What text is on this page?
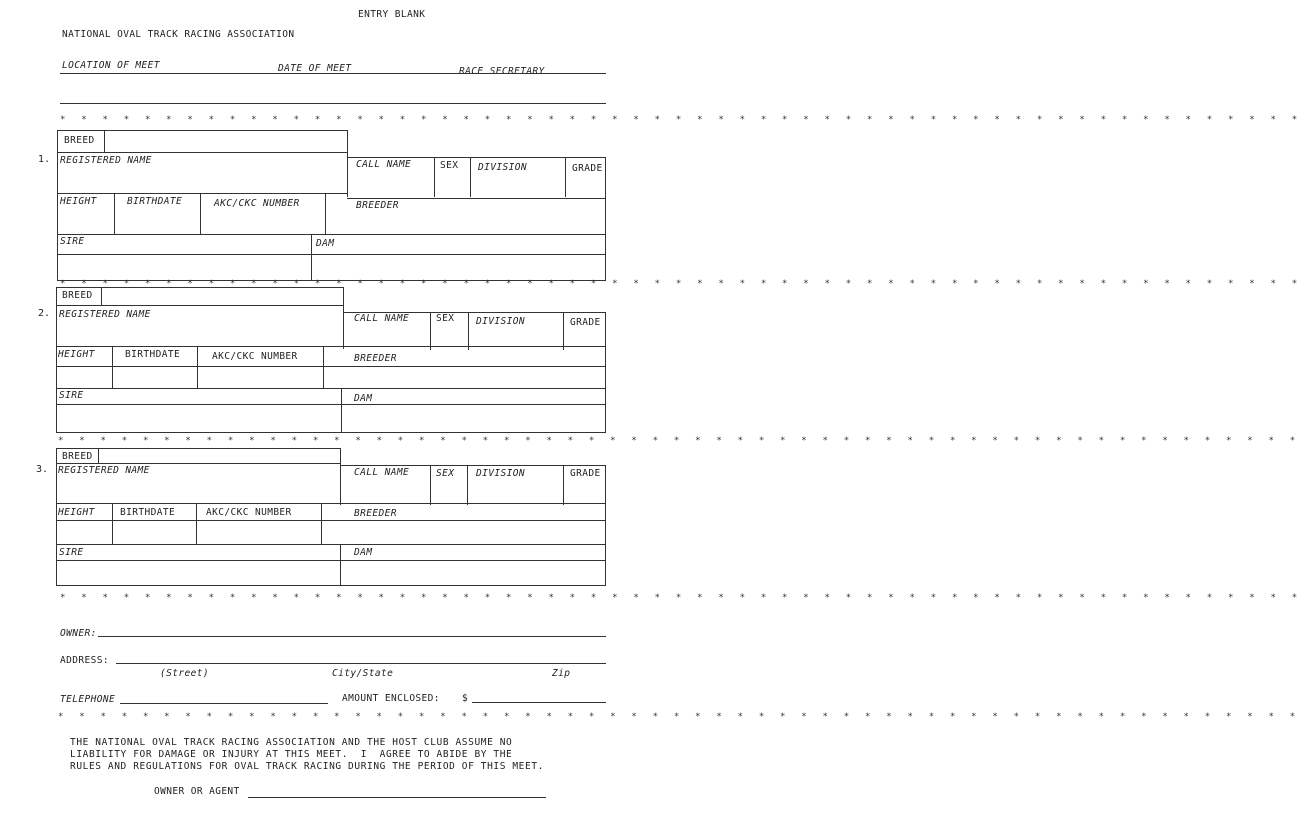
ENTRY BLANK
NATIONAL OVAL TRACK RACING ASSOCIATION
LOCATION OF MEET	DATE OF MEET	RACE SECRETARY
* * * * * * * * * * * * * * * * * * * * * * * * * * * * * * * * * * * * * * * * * * * * * * * * * * * * * * * * * * *
1.
BREED
REGISTERED NAME	CALL NAME	SEX DIVISION	GRADE
HEIGHT	BIRTHDATE	AKC/CKC NUMBER	BREEDER
SIRE	DAM
* * * * * * * * * * * * * * * * * * * * * * * * * * * * * * * * * * * * * * * * * * * * * * * * * * * * * * * * * * *
2.
BREED
REGISTERED NAME	CALL NAME	SEX DIVISION	GRADE
HEIGHT	BIRTHDATE	AKC/CKC NUMBER	BREEDER
SIRE	DAM
* * * * * * * * * * * * * * * * * * * * * * * * * * * * * * * * * * * * * * * * * * * * * * * * * * * * * * * * * * *
3.
BREED
REGISTERED NAME	CALL NAME	SEX DIVISION	GRADE
HEIGHT	BIRTHDATE	AKC/CKC NUMBER	BREEDER
SIRE	DAM
* * * * * * * * * * * * * * * * * * * * * * * * * * * * * * * * * * * * * * * * * * * * * * * * * * * * * * * * * * *
OWNER:
ADDRESS:
(Street)	City/State	Zip
TELEPHONE	AMOUNT ENCLOSED: $
* * * * * * * * * * * * * * * * * * * * * * * * * * * * * * * * * * * * * * * * * * * * * * * * * * * * * * * * * * *
THE NATIONAL OVAL TRACK RACING ASSOCIATION AND THE HOST CLUB ASSUME NO
LIABILITY FOR DAMAGE OR INJURY AT THIS MEET.  I  AGREE TO ABIDE BY THE
RULES AND REGULATIONS FOR OVAL TRACK RACING DURING THE PERIOD OF THIS MEET.
OWNER OR AGENT
